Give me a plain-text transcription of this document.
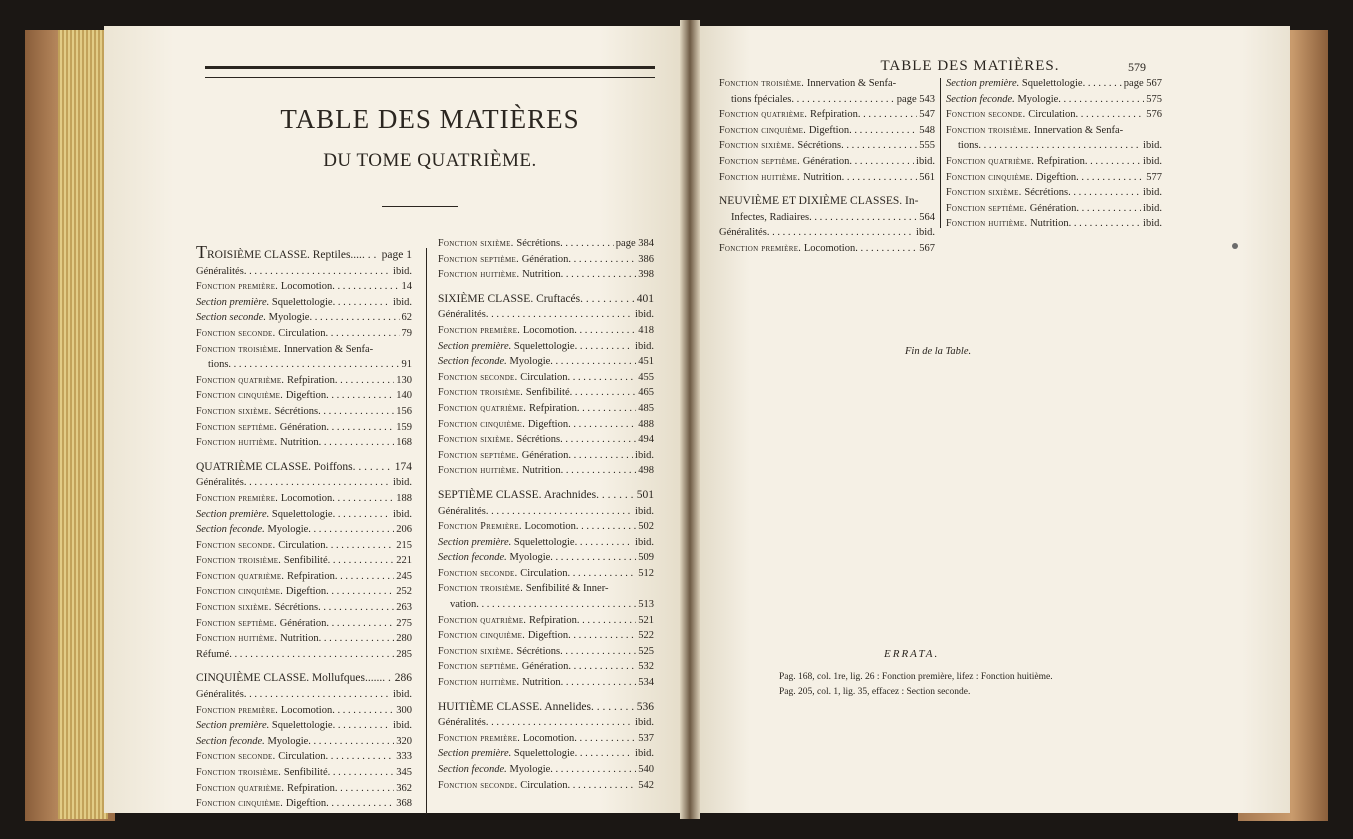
TABLE DES MATIÈRES
DU TOME QUATRIÈME.
TROISIÈME CLASSE. Reptiles.... . . . page 1
Généralités . . .	ibid.
Fonction première. Locomotion . . .	14
Section première. Squelettologie . . .	ibid.
Section seconde. Myologie . . .	62
Fonction seconde. Circulation . . .	79
Fonction troisième. Innervation & Senfa-
tions . . .	91
Fonction quatrième. Refpiration . . .	130
Fonction cinquième. Digeftion . . .	140
Fonction sixième. Sécrétions . . .	156
Fonction septième. Génération . . .	159
Fonction huitième. Nutrition . . .	168
QUATRIÈME CLASSE. Poiffons . . .	174
Généralités . . .	ibid.
Fonction première. Locomotion . . .	188
Section première. Squelettologie . . .	ibid.
Section feconde. Myologie . . .	206
Fonction seconde. Circulation . . .	215
Fonction troisième. Senfibilité . . .	221
Fonction quatrième. Refpiration . . .	245
Fonction cinquième. Digeftion . . .	252
Fonction sixième. Sécrétions . . .	263
Fonction septième. Génération . . .	275
Fonction huitième. Nutrition . . .	280
Réfumé . . .	285
CINQUIÈME CLASSE. Mollufques...... . . . 286
Généralités . . .	ibid.
Fonction première. Locomotion . . .	300
Section première. Squelettologie . . .	ibid.
Section feconde. Myologie . . .	320
Fonction seconde. Circulation . . .	333
Fonction troisième. Senfibilité . . .	345
Fonction quatrième. Refpiration . . .	362
Fonction cinquième. Digeftion . . .	368
Fonction sixième. Sécrétions . . .	page 384
Fonction septième. Génération . . .	386
Fonction huitième. Nutrition . . .	398
SIXIÈME CLASSE. Cruftacés . . .	401
Généralités . . .	ibid.
Fonction première. Locomotion . . .	418
Section première. Squelettologie . . .	ibid.
Section feconde. Myologie . . .	451
Fonction seconde. Circulation . . .	455
Fonction troisième. Senfibilité . . .	465
Fonction quatrième. Refpiration . . .	485
Fonction cinquième. Digeftion . . .	488
Fonction sixième. Sécrétions . . .	494
Fonction septième. Génération . . .	ibid.
Fonction huitième. Nutrition . . .	498
SEPTIÈME CLASSE. Arachnides . . .	501
Généralités . . .	ibid.
Fonction Première. Locomotion . . .	502
Section première. Squelettologie . . .	ibid.
Section feconde. Myologie . . .	509
Fonction seconde. Circulation . . .	512
Fonction troisième. Senfibilité & Inner-
vation . . .	513
Fonction quatrième. Refpiration . . .	521
Fonction cinquième. Digeftion . . .	522
Fonction sixième. Sécrétions . . .	525
Fonction septième. Génération . . .	532
Fonction huitième. Nutrition . . .	534
HUITIÈME CLASSE. Annelides . . .	536
Généralités . . .	ibid.
Fonction première. Locomotion . . .	537
Section première. Squelettologie . . .	ibid.
Section feconde. Myologie . . .	540
Fonction seconde. Circulation . . .	542
TABLE DES MATIÈRES.	579
Fonction troisième. Innervation & Senfa-
tions fpéciales . . .	page 543
Fonction quatrième. Refpiration . . .	547
Fonction cinquième. Digeftion . . .	548
Fonction sixième. Sécrétions . . .	555
Fonction septième. Génération . . .	ibid.
Fonction huitième. Nutrition . . .	561
NEUVIÈME ET DIXIÈME CLASSES. In-
Infectes, Radiaires . . .	564
Généralités . . .	ibid.
Fonction première. Locomotion . . .	567
Section première. Squelettologie . . .	page 567
Section feconde. Myologie . . .	575
Fonction seconde. Circulation . . .	576
Fonction troisième. Innervation & Senfa-
tions . . .	ibid.
Fonction quatrième. Refpiration . . .	ibid.
Fonction cinquième. Digeftion . . .	577
Fonction sixième. Sécrétions . . .	ibid.
Fonction septième. Génération . . .	ibid.
Fonction huitième. Nutrition . . .	ibid.
Fin de la Table.
ERRATA.
Pag. 168, col. 1re, lig. 26 : Fonction première, lifez : Fonction huitième.
Pag. 205, col. 1, lig. 35, effacez : Section seconde.
